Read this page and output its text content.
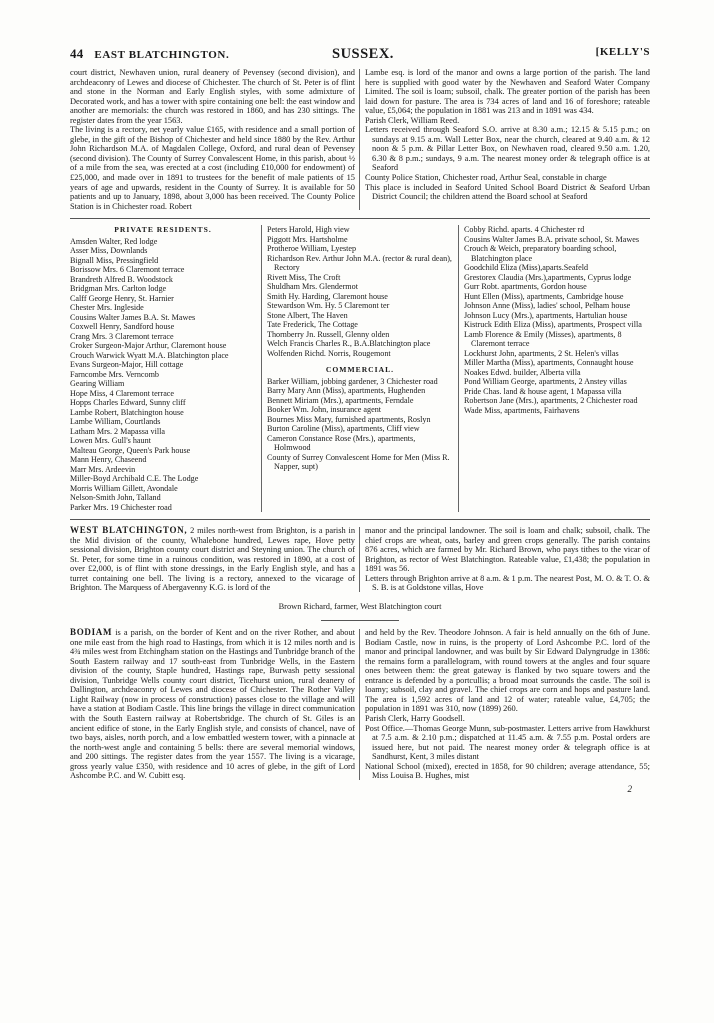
44 EAST BLATCHINGTON.	SUSSEX.	[KELLY'S

court district, Newhaven union, rural deanery of Pevensey (second division), and archdeaconry of Lewes and diocese of Chichester. The church of St. Peter is of flint and stone in the Norman and Early English styles, with some admixture of Decorated work, and has a tower with spire containing one bell: the east window and another are memorials: the church was restored in 1860, and has 230 sittings. The register dates from the year 1563.

The living is a rectory, net yearly value £165, with residence and a small portion of glebe, in the gift of the Bishop of Chichester and held since 1880 by the Rev. Arthur John Richardson M.A. of Magdalen College, Oxford, and rural dean of Pevensey (second division). The County of Surrey Convalescent Home, in this parish, about ½ of a mile from the sea, was erected at a cost (including £10,000 for endowment) of £25,000, and made over in 1891 to trustees for the benefit of male patients of 15 years of age and upwards, resident in the County of Surrey. It is available for 50 patients and up to January, 1898, about 3,000 has been received. The County Police Station is in Chichester road. Robert

Lambe esq. is lord of the manor and owns a large portion of the parish. The land here is supplied with good water by the Newhaven and Seaford Water Company Limited. The soil is loam; subsoil, chalk. The greater portion of the parish has been laid down for pasture. The area is 734 acres of land and 16 of foreshore; rateable value, £5,064; the population in 1881 was 213 and in 1891 was 434.

Parish Clerk, William Reed.

Letters received through Seaford S.O. arrive at 8.30 a.m.; 12.15 & 5.15 p.m.; on sundays at 9.15 a.m. Wall Letter Box, near the church, cleared at 9.40 a.m. & 12 noon & 5 p.m. & Pillar Letter Box, on Newhaven road, cleared 9.50 a.m. 1.20, 6.30 & 8 p.m.; sundays, 9 a.m. The nearest money order & telegraph office is at Seaford

County Police Station, Chichester road, Arthur Seal, constable in charge

This place is included in Seaford United School Board District & Seaford Urban District Council; the children attend the Board school at Seaford

PRIVATE RESIDENTS.

Amsden Walter, Red lodge

Asser Miss, Downlands

Bignall Miss, Pressingfield

Borissow Mrs. 6 Claremont terrace

Brandreth Alfred B. Woodstock

Bridgman Mrs. Carlton lodge

Calff George Henry, St. Harnier

Chester Mrs. Ingleside

Cousins Walter James B.A. St. Mawes

Coxwell Henry, Sandford house

Crang Mrs. 3 Claremont terrace

Croker Surgeon-Major Arthur, Claremont house

Crouch Warwick Wyatt M.A. Blatchington place

Evans Surgeon-Major, Hill cottage

Farncombe Mrs. Verncomb

Gearing William

Hope Miss, 4 Claremont terrace

Hopps Charles Edward, Sunny cliff

Lambe Robert, Blatchington house

Lambe William, Courtlands

Latham Mrs. 2 Mapassa villa

Lowen Mrs. Gull's haunt

Malteau George, Queen's Park house

Mann Henry, Chaseend

Marr Mrs. Ardeevin

Miller-Boyd Archibald C.E. The Lodge

Morris William Gillett, Avondale

Nelson-Smith John, Talland

Parker Mrs. 19 Chichester road

Peters Harold, High view

Piggott Mrs. Hartsholme

Protheroe William, Lyestep

Richardson Rev. Arthur John M.A. (rector & rural dean), Rectory

Rivett Miss, The Croft

Shuldham Mrs. Glendermot

Smith Hy. Harding, Claremont house

Stewardson Wm. Hy. 5 Claremont ter

Stone Albert, The Haven

Tate Frederick, The Cottage

Thornberry Jn. Russell, Glenny olden

Welch Francis Charles R., B.A.Blatchington place

Wolfenden Richd. Norris, Rougemont

COMMERCIAL.

Barker William, jobbing gardener, 3 Chichester road

Barry Mary Ann (Miss), apartments, Hughenden

Bennett Miriam (Mrs.), apartments, Ferndale

Booker Wm. John, insurance agent

Bournes Miss Mary, furnished apartments, Roslyn

Burton Caroline (Miss), apartments, Cliff view

Cameron Constance Rose (Mrs.), apartments, Holmwood

County of Surrey Convalescent Home for Men (Miss R. Napper, supt)

Cobby Richd. aparts. 4 Chichester rd

Cousins Walter James B.A. private school, St. Mawes

Crouch & Weich, preparatory boarding school, Blatchington place

Goodchild Eliza (Miss),aparts.Seafeld

Grestorex Claudia (Mrs.),apartments, Cyprus lodge

Gurr Robt. apartments, Gordon house

Hunt Ellen (Miss), apartments, Cambridge house

Johnson Anne (Miss), ladies' school, Pelham house

Johnson Lucy (Mrs.), apartments, Hartulian house

Kistruck Edith Eliza (Miss), apartments, Prospect villa

Lamb Florence & Emily (Misses), apartments, 8 Claremont terrace

Lockhurst John, apartments, 2 St. Helen's villas

Miller Martha (Miss), apartments, Connaught house

Noakes Edwd. builder, Alberta villa

Pond William George, apartments, 2 Anstey villas

Pride Chas. land & house agent, 1 Mapassa villa

Robertson Jane (Mrs.), apartments, 2 Chichester road

Wade Miss, apartments, Fairhavens

WEST BLATCHINGTON, 2 miles north-west from Brighton, is a parish in the Mid division of the county, Whalebone hundred, Lewes rape, Hove petty sessional division, Brighton county court district and Steyning union. The church of St. Peter, for some time in a ruinous condition, was restored in 1890, at a cost of over £2,000, is of flint with stone dressings, in the Early English style, and has a turret containing one bell. The living is a rectory, annexed to the vicarage of Brighton. The Marquess of Abergavenny K.G. is lord of the

manor and the principal landowner. The soil is loam and chalk; subsoil, chalk. The chief crops are wheat, oats, barley and green crops generally. The parish contains 876 acres, which are farmed by Mr. Richard Brown, who pays tithes to the vicar of Brighton, as rector of West Blatchington. Rateable value, £1,438; the population in 1891 was 56.

Letters through Brighton arrive at 8 a.m. & 1 p.m. The nearest Post, M. O. & T. O. & S. B. is at Goldstone villas, Hove

Brown Richard, farmer, West Blatchington court

BODIAM is a parish, on the border of Kent and on the river Rother, and about one mile east from the high road to Hastings, from which it is 12 miles north and is 4¾ miles west from Etchingham station on the Hastings and Tunbridge branch of the South Eastern railway and 17 south-east from Tunbridge Wells, in the Eastern division of the county, Staple hundred, Hastings rape, Burwash petty sessional division, Tunbridge Wells county court district, Ticehurst union, rural deanery of Dallington, archdeaconry of Lewes and diocese of Chichester. The Rother Valley Light Railway (now in process of construction) passes close to the village and will have a station at Bodiam Castle. This line brings the village in direct communication with the South Eastern railway at Robertsbridge. The church of St. Giles is an ancient edifice of stone, in the Early English style, and consists of chancel, nave of two bays, aisles, north porch, and a low embattled western tower, with a pinnacle at the north-west angle and containing 5 bells: there are several memorial windows, and 200 sittings. The register dates from the year 1557. The living is a vicarage, gross yearly value £350, with residence and 10 acres of glebe, in the gift of Lord Ashcombe P.C. and W. Cubitt esq.

and held by the Rev. Theodore Johnson. A fair is held annually on the 6th of June. Bodiam Castle, now in ruins, is the property of Lord Ashcombe P.C. lord of the manor and principal landowner, and was built by Sir Edward Dalyngrudge in 1386: the remains form a parallelogram, with round towers at the angles and four square ones between them: the great gateway is flanked by two square towers and the entrance is defended by a portcullis; a broad moat surrounds the castle. The soil is loamy; subsoil, clay and gravel. The chief crops are corn and hops and pasture land. The area is 1,592 acres of land and 12 of water; rateable value, £4,705; the population in 1891 was 310, now (1899) 260.

Parish Clerk, Harry Goodsell.

Post Office.—Thomas George Munn, sub-postmaster. Letters arrive from Hawkhurst at 7.5 a.m. & 2.10 p.m.; dispatched at 11.45 a.m. & 7.55 p.m. Postal orders are issued here, but not paid. The nearest money order & telegraph office is at Sandhurst, Kent, 3 miles distant

National School (mixed), erected in 1858, for 90 children; average attendance, 55; Miss Louisa B. Hughes, mist

2
